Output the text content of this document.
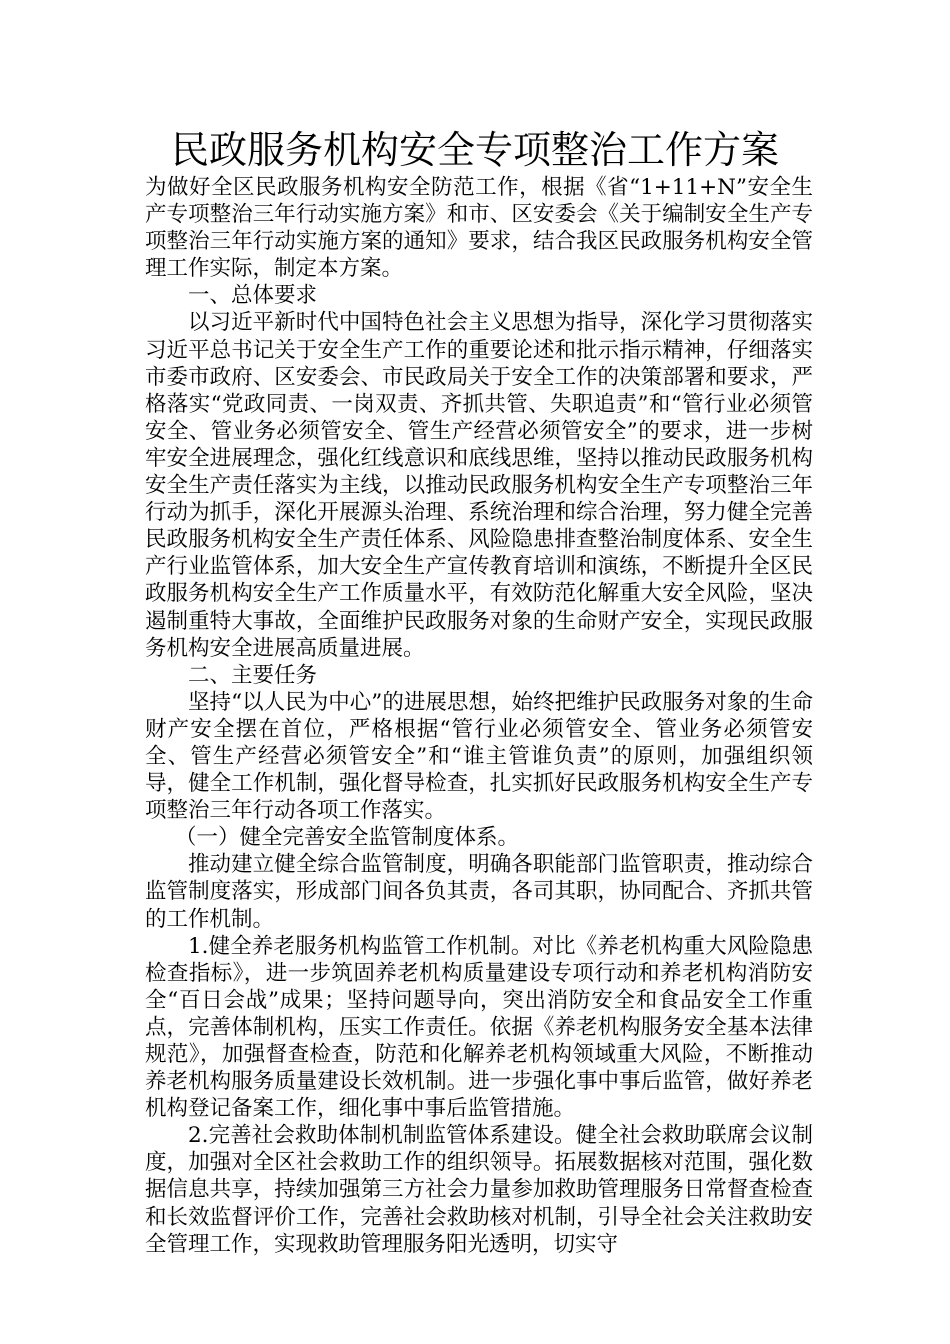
民政服务机构安全专项整治工作方案

为做好全区民政服务机构安全防范工作，根据《省“1+11+N”安全生产专项整治三年行动实施方案》和市、区安委会《关于编制安全生产专项整治三年行动实施方案的通知》要求，结合我区民政服务机构安全管理工作实际，制定本方案。

一、总体要求

以习近平新时代中国特色社会主义思想为指导，深化学习贯彻落实习近平总书记关于安全生产工作的重要论述和批示指示精神，仔细落实市委市政府、区安委会、市民政局关于安全工作的决策部署和要求，严格落实“党政同责、一岗双责、齐抓共管、失职追责”和“管行业必须管安全、管业务必须管安全、管生产经营必须管安全”的要求，进一步树牢安全进展理念，强化红线意识和底线思维，坚持以推动民政服务机构安全生产责任落实为主线，以推动民政服务机构安全生产专项整治三年行动为抓手，深化开展源头治理、系统治理和综合治理，努力健全完善民政服务机构安全生产责任体系、风险隐患排查整治制度体系、安全生产行业监管体系，加大安全生产宣传教育培训和演练，不断提升全区民政服务机构安全生产工作质量水平，有效防范化解重大安全风险，坚决遏制重特大事故，全面维护民政服务对象的生命财产安全，实现民政服务机构安全进展高质量进展。

二、主要任务

坚持“以人民为中心”的进展思想，始终把维护民政服务对象的生命财产安全摆在首位，严格根据“管行业必须管安全、管业务必须管安全、管生产经营必须管安全”和“谁主管谁负责”的原则，加强组织领导，健全工作机制，强化督导检查，扎实抓好民政服务机构安全生产专项整治三年行动各项工作落实。

（一）健全完善安全监管制度体系。

推动建立健全综合监管制度，明确各职能部门监管职责，推动综合监管制度落实，形成部门间各负其责，各司其职，协同配合、齐抓共管的工作机制。

1.健全养老服务机构监管工作机制。对比《养老机构重大风险隐患检查指标》，进一步筑固养老机构质量建设专项行动和养老机构消防安全“百日会战”成果；坚持问题导向，突出消防安全和食品安全工作重点，完善体制机构，压实工作责任。依据《养老机构服务安全基本法律规范》，加强督查检查，防范和化解养老机构领域重大风险，不断推动养老机构服务质量建设长效机制。进一步强化事中事后监管，做好养老机构登记备案工作，细化事中事后监管措施。

2.完善社会救助体制机制监管体系建设。健全社会救助联席会议制度，加强对全区社会救助工作的组织领导。拓展数据核对范围，强化数据信息共享，持续加强第三方社会力量参加救助管理服务日常督查检查和长效监督评价工作，完善社会救助核对机制，引导全社会关注救助安全管理工作，实现救助管理服务阳光透明，切实守
